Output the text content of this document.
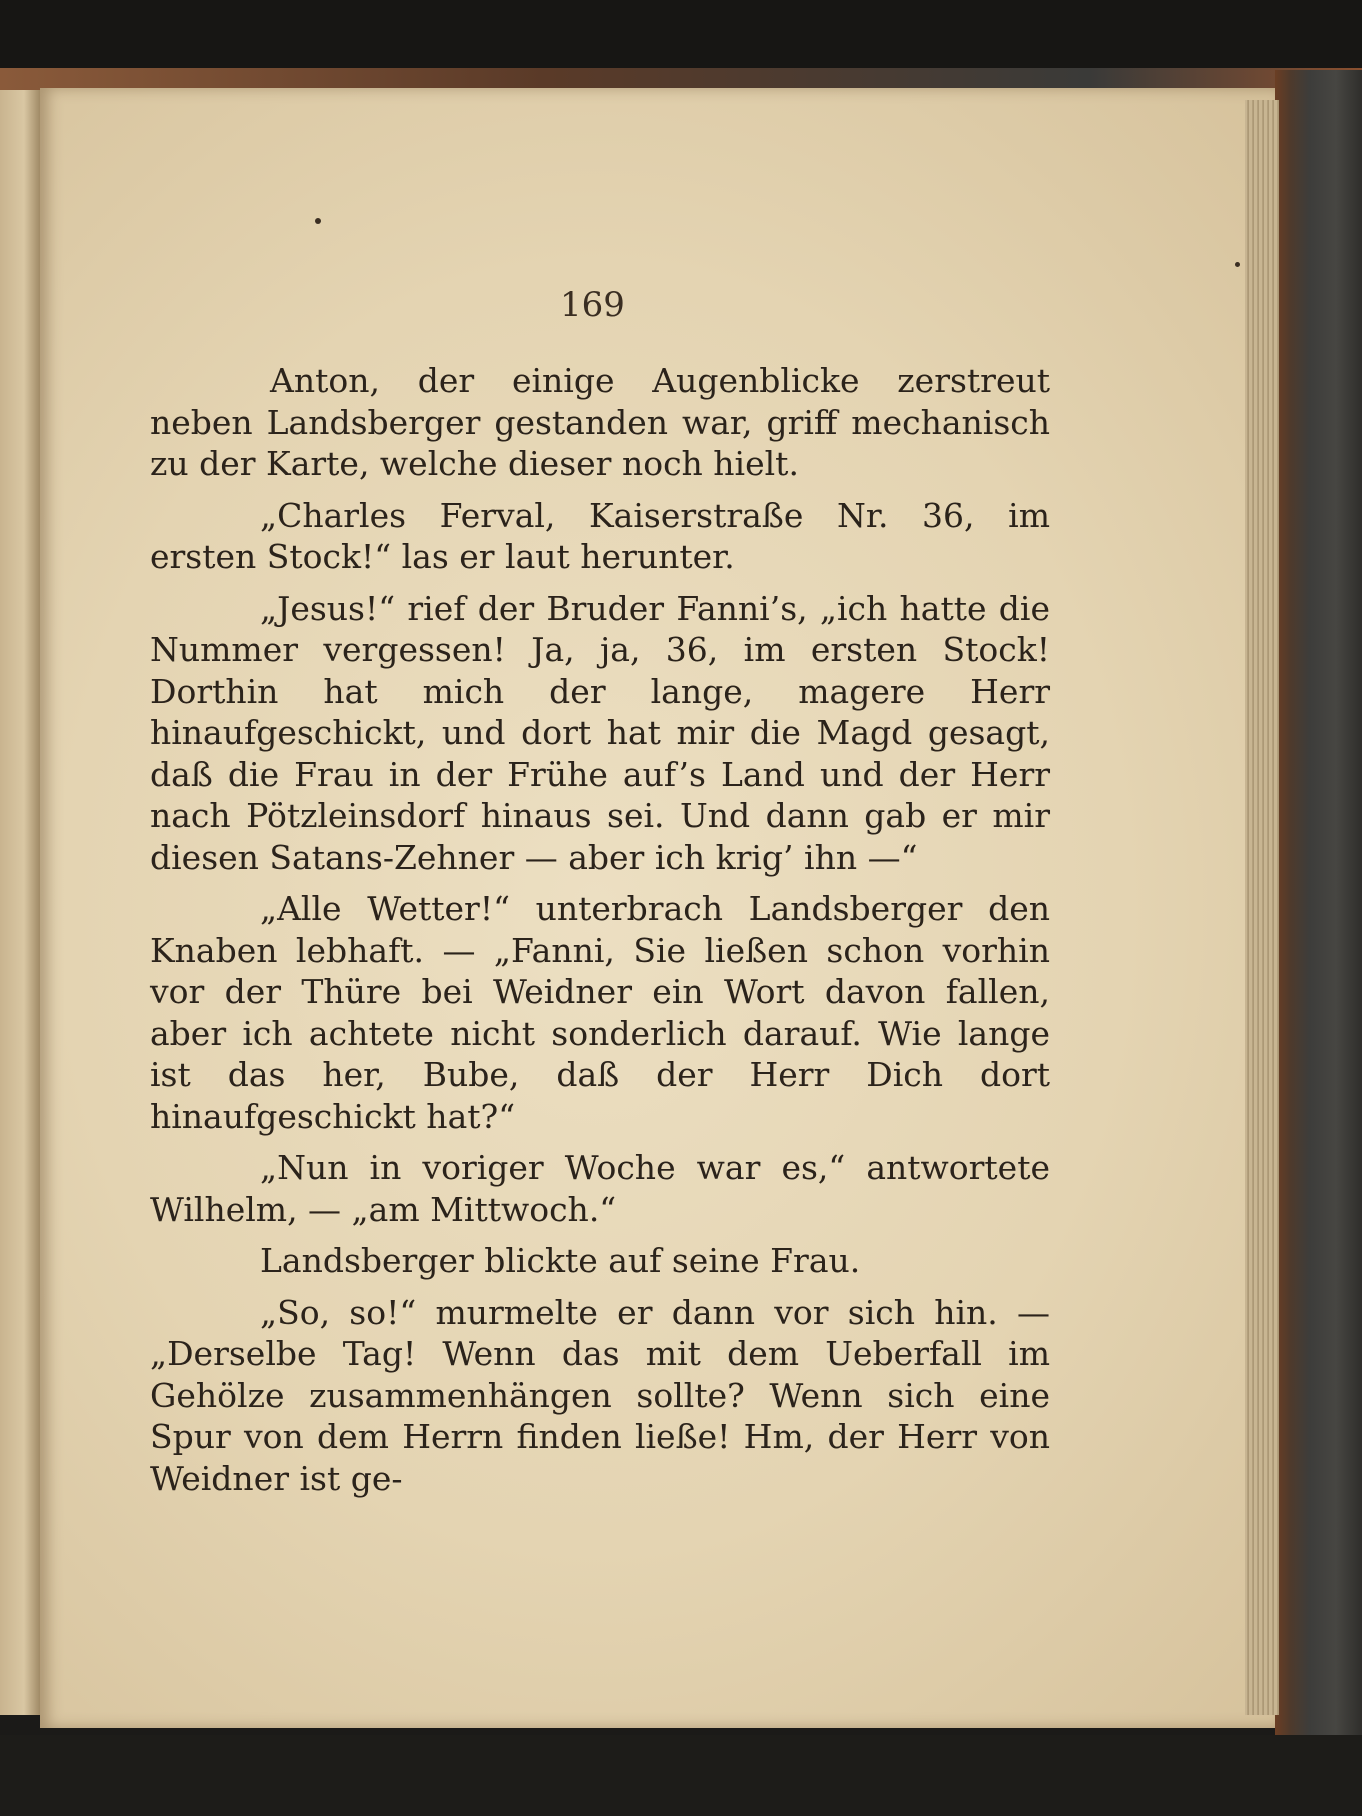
169

Anton, der einige Augenblicke zerstreut neben Landsberger gestanden war, griff mechanisch zu der Karte, welche dieser noch hielt.

„Charles Ferval, Kaiserstraße Nr. 36, im ersten Stock!“ las er laut herunter.

„Jesus!“ rief der Bruder Fanni’s, „ich hatte die Nummer vergessen! Ja, ja, 36, im ersten Stock! Dorthin hat mich der lange, magere Herr hinaufgeschickt, und dort hat mir die Magd gesagt, daß die Frau in der Frühe auf’s Land und der Herr nach Pötzleinsdorf hinaus sei. Und dann gab er mir diesen Satans-Zehner — aber ich krig’ ihn —“

„Alle Wetter!“ unterbrach Landsberger den Knaben lebhaft. — „Fanni, Sie ließen schon vorhin vor der Thüre bei Weidner ein Wort davon fallen, aber ich achtete nicht sonderlich darauf. Wie lange ist das her, Bube, daß der Herr Dich dort hinaufgeschickt hat?“

„Nun in voriger Woche war es,“ antwortete Wilhelm, — „am Mittwoch.“

Landsberger blickte auf seine Frau.

„So, so!“ murmelte er dann vor sich hin. — „Derselbe Tag! Wenn das mit dem Ueberfall im Gehölze zusammenhängen sollte? Wenn sich eine Spur von dem Herrn finden ließe! Hm, der Herr von Weidner ist ge-
